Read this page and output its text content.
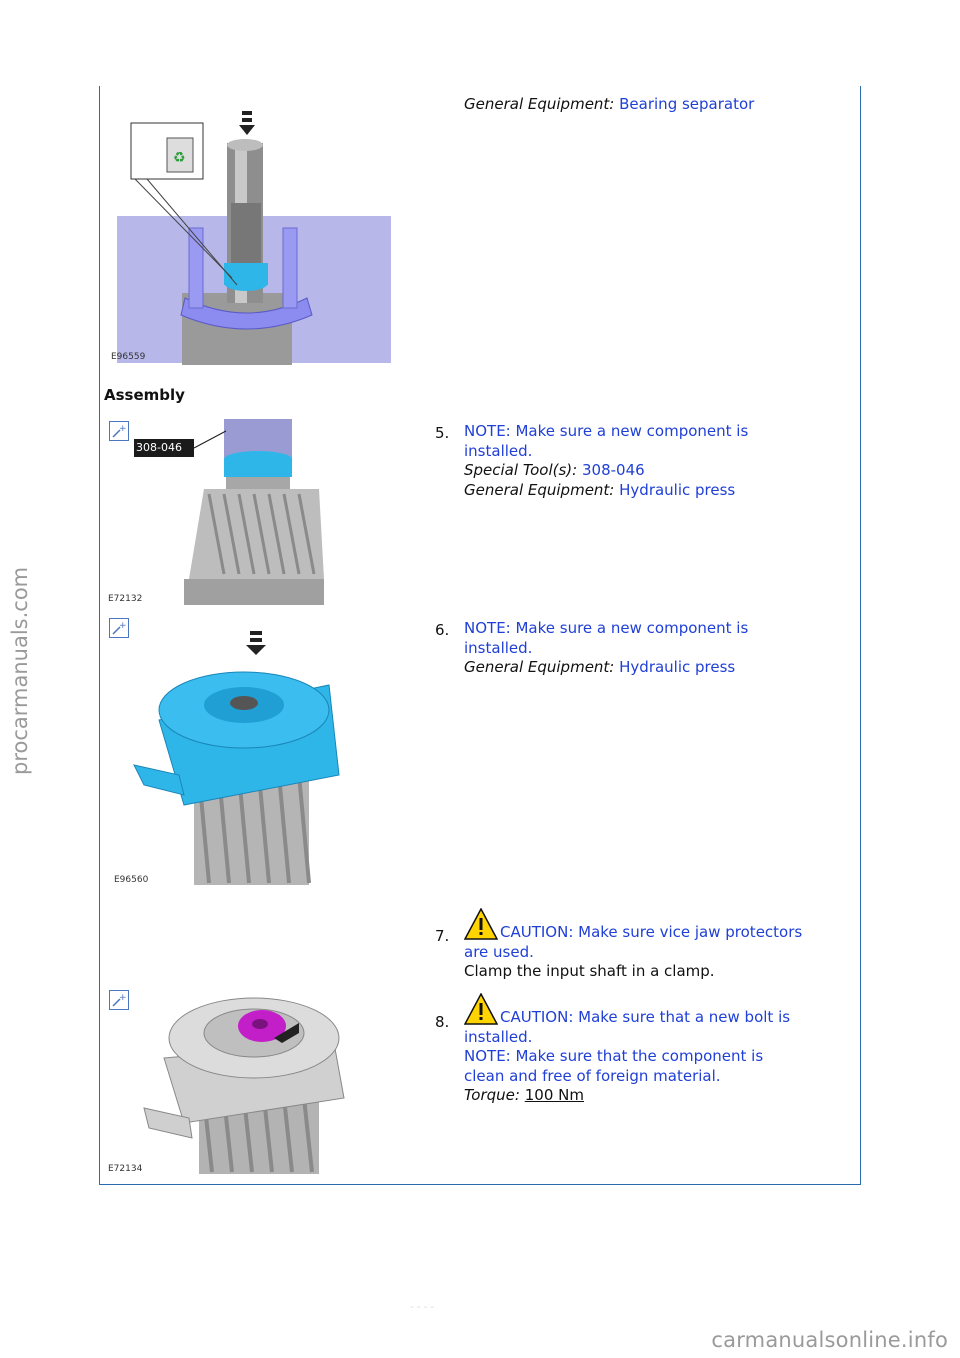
procarmanuals.com
carmanualsonline.info
- - - -
♻
E96559
General Equipment: Bearing separator
Assembly
+
308-046
E72132
5. NOTE: Make sure a new component is
installed.
Special Tool(s): 308-046
General Equipment: Hydraulic press
+
E96560
6. NOTE: Make sure a new component is
installed.
General Equipment: Hydraulic press
7.	CAUTION: Make sure vice jaw protectors
are used.
Clamp the input shaft in a clamp.
+
E72134
8.	CAUTION: Make sure that a new bolt is
installed.
NOTE: Make sure that the component is
clean and free of foreign material.
Torque: 100 Nm
